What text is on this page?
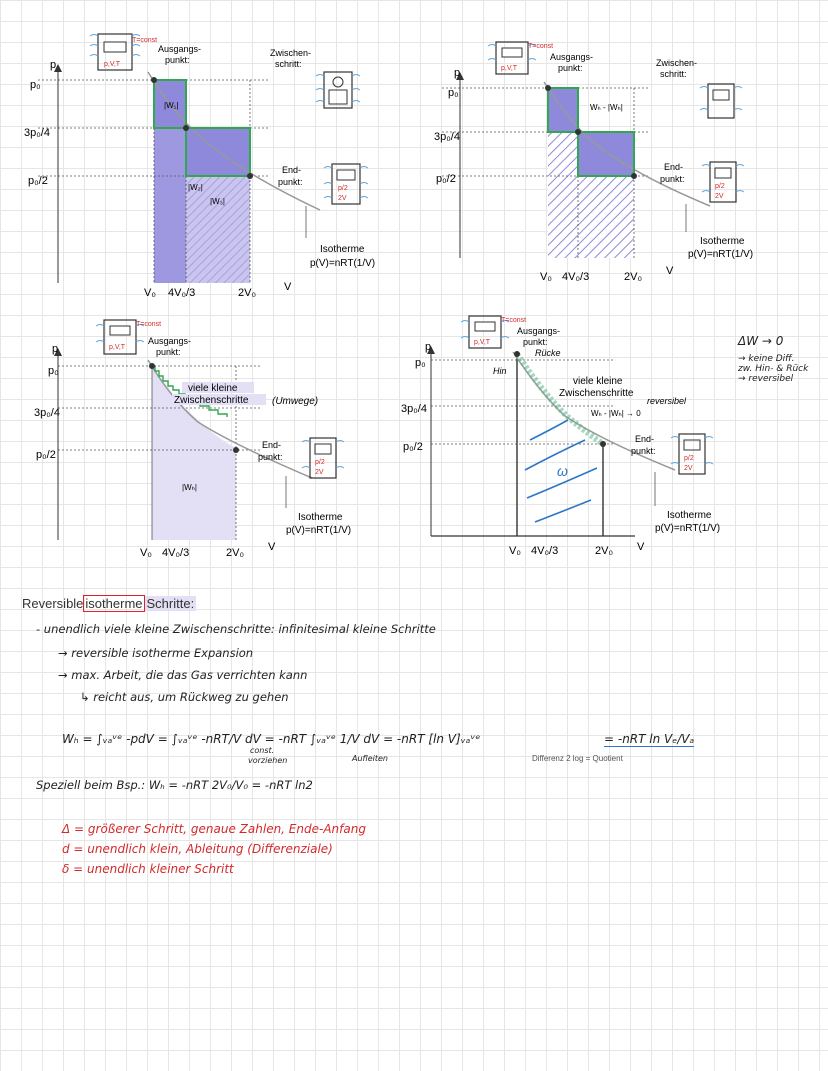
p
p₀
3p₀/4
p₀/2
V₀ 4V₀/3	2V₀	V
|W₁|
|W₂|
|W₃|
Ausgangs-
punkt:
Zwischen-
schritt:
End-
punkt:
Isotherme
p(V)=nRT(1/V)
p,V,T
T=const
p/2
2V
p
p₀
3p₀/4
p₀/2
V₀ 4V₀/3	2V₀ V
Wₕ - |Wₕ|
Ausgangs-
punkt:	Zwischen-
schritt:
End-
punkt:
Isotherme
p(V)=nRT(1/V)
p,V,T
T=const
p/2
2V
p
p₀
3p₀/4
p₀/2
V₀ 4V₀/3	2V₀ V
|Wₕ|
viele kleine
Zwischenschritte (Umwege)
Ausgangs-
punkt:
End-
punkt:
Isotherme
p(V)=nRT(1/V)
p,V,T
T=const
p/2
2V	ω
p
p₀
3p₀/4
p₀/2
V₀ 4V₀/3	2V₀ V
Hin
Ausgangs-
punkt:
Rücke
viele kleine
Zwischenschritte
Wₕ - |Wₕ| → 0
reversibel
End-
punkt:
Isotherme
p(V)=nRT(1/V)
p,V,T
T=const
p/2
2V
ΔW → 0
→ keine Diff.
zw. Hin- & Rück
→ reversibel
Reversible isotherme Schritte:
- unendlich viele kleine Zwischenschritte: infinitesimal kleine Schritte
→ reversible isotherme Expansion
→ max. Arbeit, die das Gas verrichten kann
↳ reicht aus, um Rückweg zu gehen
Wₕ = ∫ᵥₐᵛᵉ -pdV = ∫ᵥₐᵛᵉ -nRT/V dV = -nRT ∫ᵥₐᵛᵉ 1/V dV = -nRT [ln V]ᵥₐᵛᵉ	= -nRT ln Vₑ/Vₐ
const.
vorziehen	Aufleiten	Differenz 2 log = Quotient
Speziell beim Bsp.: Wₕ = -nRT 2V₀/V₀ = -nRT ln2
Δ = größerer Schritt, genaue Zahlen, Ende-Anfang
d = unendlich klein, Ableitung (Differenziale)
δ = unendlich kleiner Schritt
